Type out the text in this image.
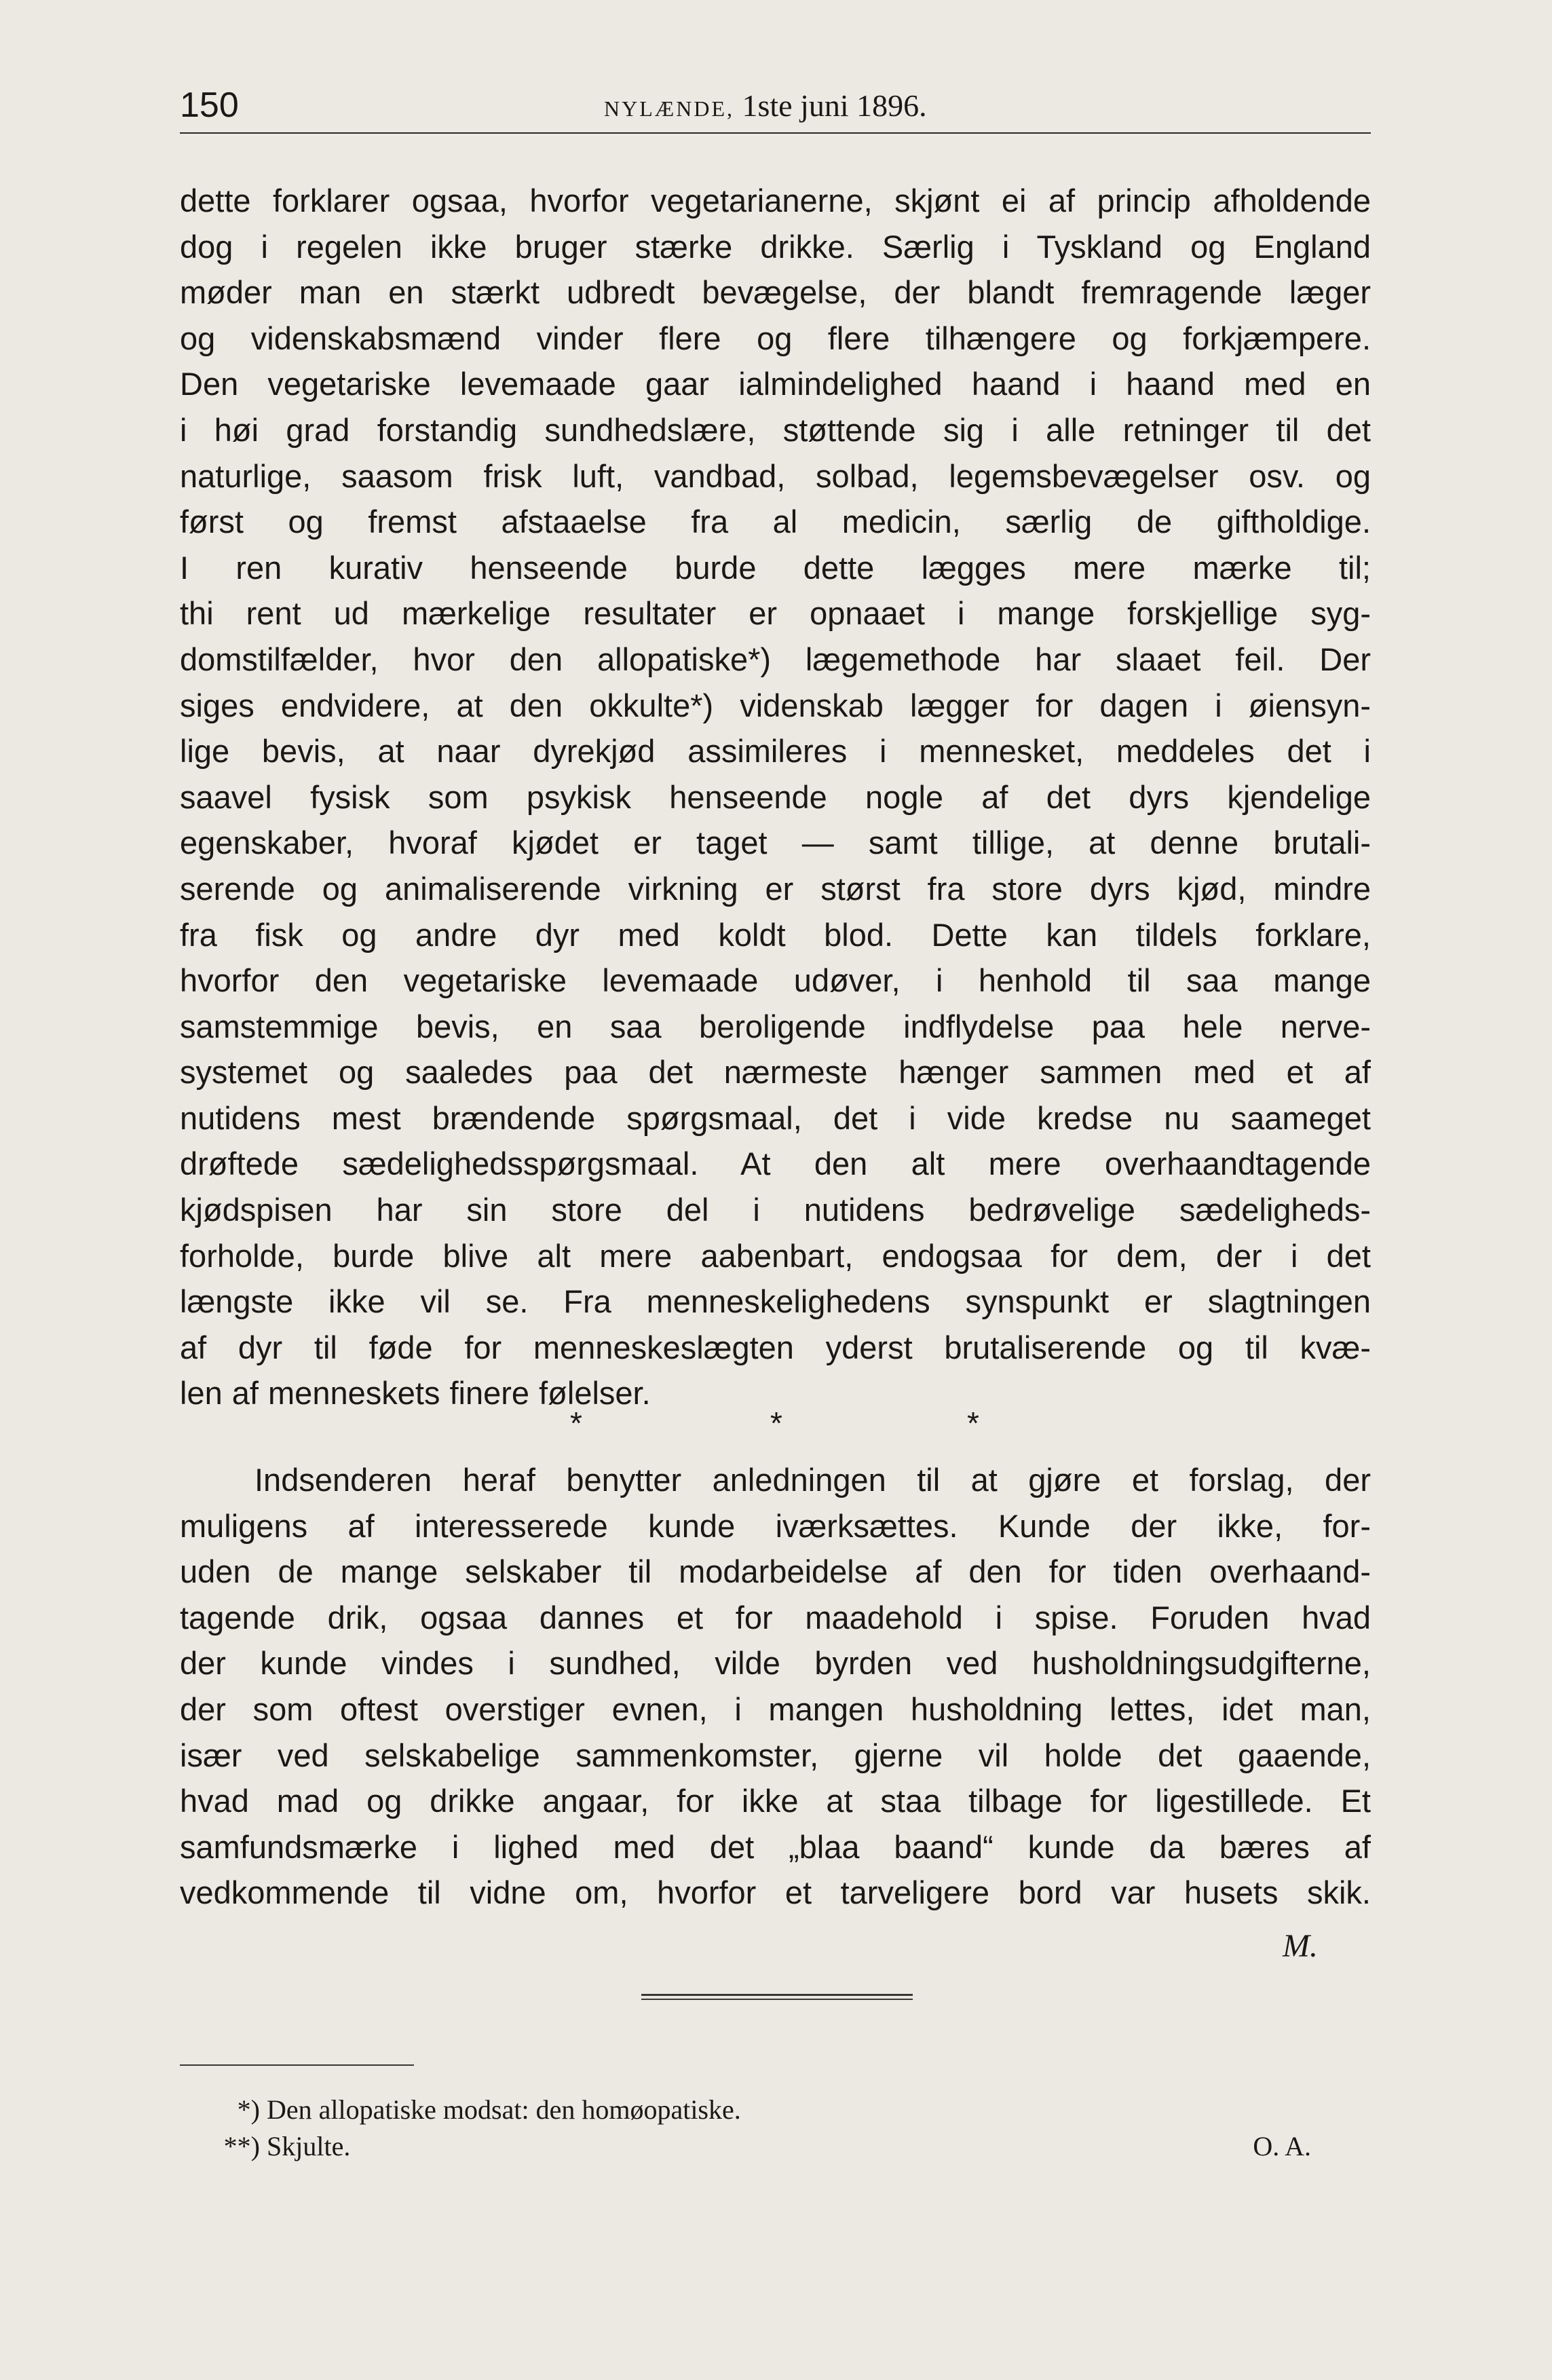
150	NYLÆNDE, 1ste juni 1896.
dette forklarer ogsaa, hvorfor vegetarianerne, skjønt ei af princip afholdende
dog i regelen ikke bruger stærke drikke. Særlig i Tyskland og England
møder man en stærkt udbredt bevægelse, der blandt fremragende læger
og videnskabsmænd vinder flere og flere tilhængere og forkjæmpere.
Den vegetariske levemaade gaar ialmindelighed haand i haand med en
i høi grad forstandig sundhedslære, støttende sig i alle retninger til det
naturlige, saasom frisk luft, vandbad, solbad, legemsbevægelser osv. og
først og fremst afstaaelse fra al medicin, særlig de giftholdige.
I ren kurativ henseende burde dette lægges mere mærke til;
thi rent ud mærkelige resultater er opnaaet i mange forskjellige syg-
domstilfælder, hvor den allopatiske*) lægemethode har slaaet feil. Der
siges endvidere, at den okkulte*) videnskab lægger for dagen i øiensyn-
lige bevis, at naar dyrekjød assimileres i mennesket, meddeles det i
saavel fysisk som psykisk henseende nogle af det dyrs kjendelige
egenskaber, hvoraf kjødet er taget — samt tillige, at denne brutali-
serende og animaliserende virkning er størst fra store dyrs kjød, mindre
fra fisk og andre dyr med koldt blod. Dette kan tildels forklare,
hvorfor den vegetariske levemaade udøver, i henhold til saa mange
samstemmige bevis, en saa beroligende indflydelse paa hele nerve-
systemet og saaledes paa det nærmeste hænger sammen med et af
nutidens mest brændende spørgsmaal, det i vide kredse nu saameget
drøftede sædelighedsspørgsmaal. At den alt mere overhaandtagende
kjødspisen har sin store del i nutidens bedrøvelige sædeligheds-
forholde, burde blive alt mere aabenbart, endogsaa for dem, der i det
længste ikke vil se. Fra menneskelighedens synspunkt er slagtningen
af dyr til føde for menneskeslægten yderst brutaliserende og til kvæ-
len af menneskets finere følelser.
*	*	*
Indsenderen heraf benytter anledningen til at gjøre et forslag, der
muligens af interesserede kunde iværksættes. Kunde der ikke, for-
uden de mange selskaber til modarbeidelse af den for tiden overhaand-
tagende drik, ogsaa dannes et for maadehold i spise. Foruden hvad
der kunde vindes i sundhed, vilde byrden ved husholdningsudgifterne,
der som oftest overstiger evnen, i mangen husholdning lettes, idet man,
især ved selskabelige sammenkomster, gjerne vil holde det gaaende,
hvad mad og drikke angaar, for ikke at staa tilbage for ligestillede. Et
samfundsmærke i lighed med det „blaa baand“ kunde da bæres af
vedkommende til vidne om, hvorfor et tarveligere bord var husets skik.
M.
*) Den allopatiske modsat: den homøopatiske.
**) Skjulte.	O. A.
